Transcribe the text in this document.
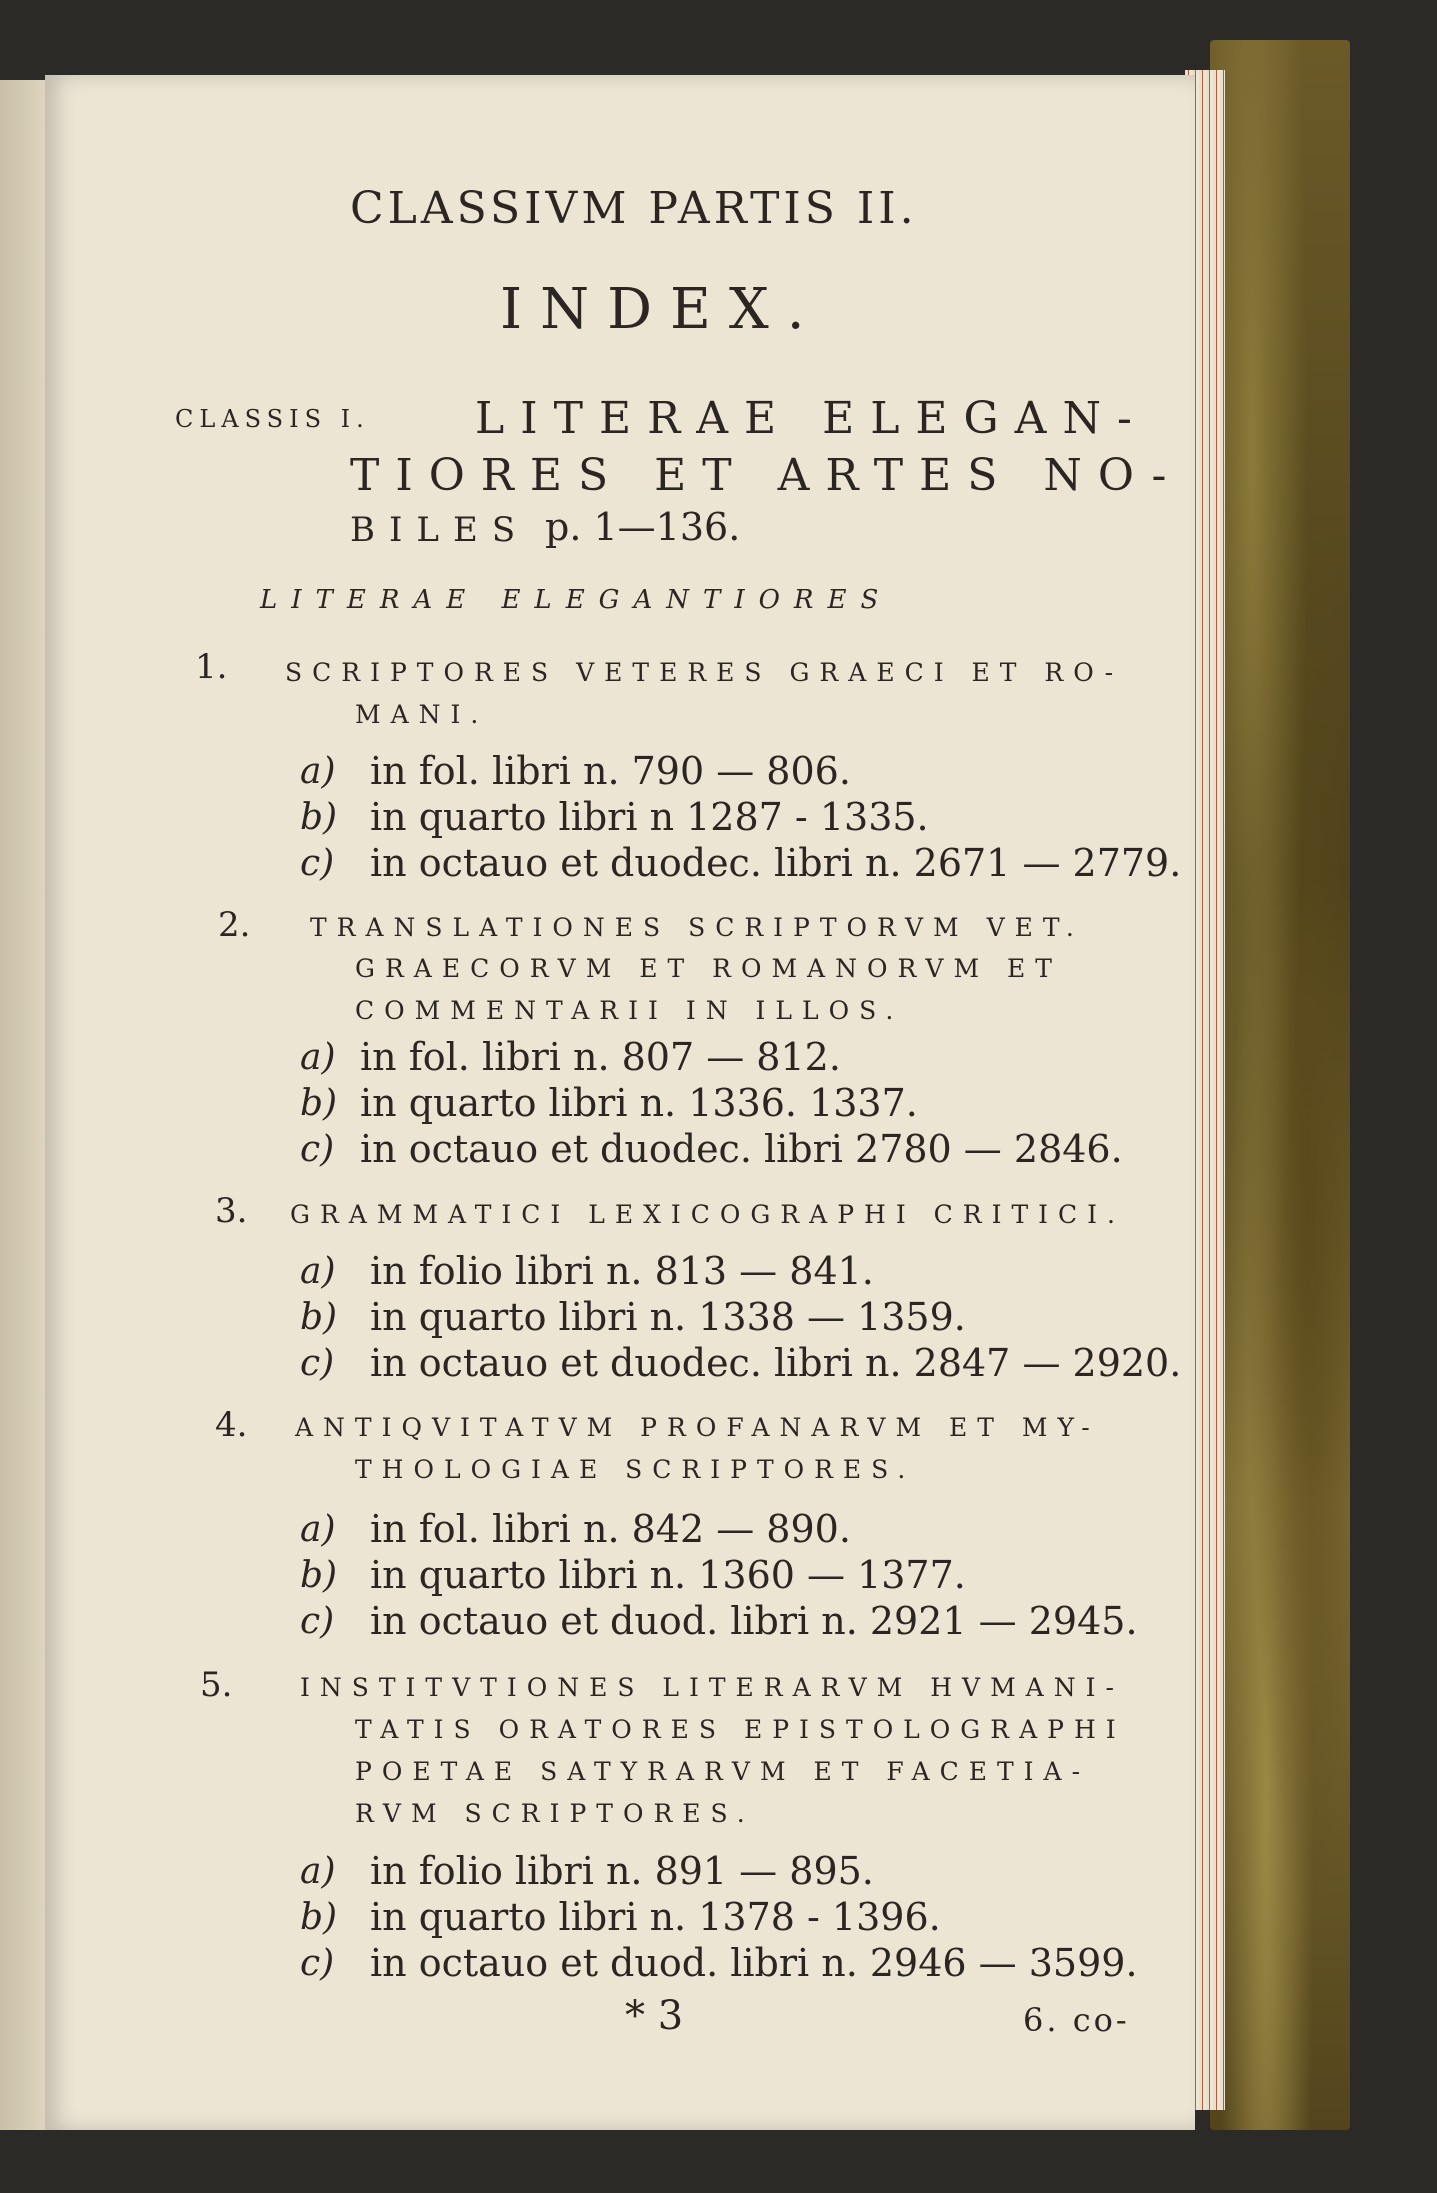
CLASSIVM PARTIS II.
INDEX.
CLASSIS I. LITERAE ELEGAN-
TIORES ET ARTES NO-
BILES p. 1—136.
LITERAE ELEGANTIORES
1. SCRIPTORES VETERES GRAECI ET RO-
MANI.
a) in fol. libri n. 790 — 806.
b) in quarto libri n 1287 - 1335.
c) in octauo et duodec. libri n. 2671 — 2779.
2. TRANSLATIONES SCRIPTORVM VET.
GRAECORVM ET ROMANORVM ET
COMMENTARII IN ILLOS.
a) in fol. libri n. 807 — 812.
b) in quarto libri n. 1336. 1337.
c) in octauo et duodec. libri 2780 — 2846.
3. GRAMMATICI LEXICOGRAPHI CRITICI.
a) in folio libri n. 813 — 841.
b) in quarto libri n. 1338 — 1359.
c) in octauo et duodec. libri n. 2847 — 2920.
4. ANTIQVITATVM PROFANARVM ET MY-
THOLOGIAE SCRIPTORES.
a) in fol. libri n. 842 — 890.
b) in quarto libri n. 1360 — 1377.
c) in octauo et duod. libri n. 2921 — 2945.
5.	INSTITVTIONES LITERARVM HVMANI-
TATIS ORATORES EPISTOLOGRAPHI
POETAE SATYRARVM ET FACETIA-
RVM SCRIPTORES.
a) in folio libri n. 891 — 895.
b) in quarto libri n. 1378 - 1396.
c) in octauo et duod. libri n. 2946 — 3599.
* 3	6. co-
